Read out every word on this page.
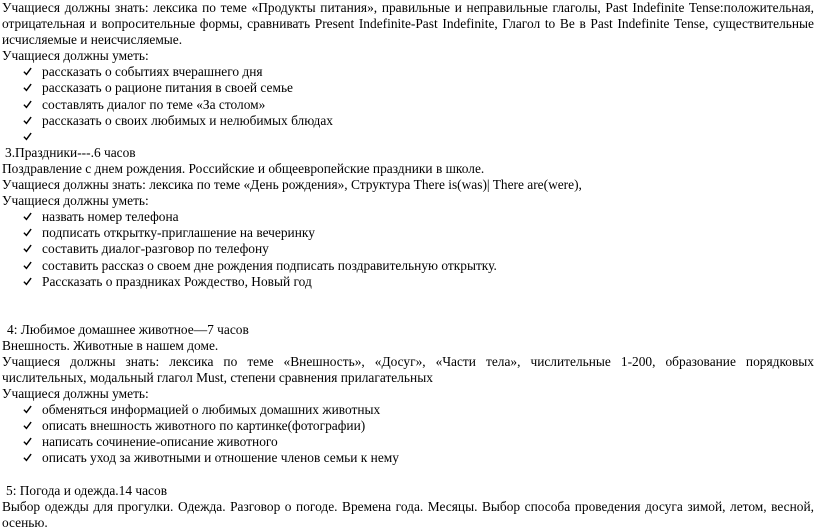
Учащиеся должны знать: лексика по теме «Продукты питания», правильные и неправильные глаголы, Past Indefinite Tense:положительная, отрицательная и вопросительные формы, сравнивать Present Indefinite-Past Indefinite, Глагол to Be в Past Indefinite Tense, существительные исчисляемые и неисчисляемые.

Учащиеся должны уметь:

рассказать о событиях вчерашнего дня
рассказать о рационе питания в своей семье
составлять диалог по теме «За столом»
рассказать о своих любимых и нелюбимых блюдах

3.Праздники---.6 часов

Поздравление с днем рождения. Российские и общеевропейские праздники в школе.

Учащиеся должны знать: лексика по теме «День рождения», Структура There is(was)| There are(were),

Учащиеся должны уметь:

назвать номер телефона
подписать открытку-приглашение на вечеринку
составить диалог-разговор по телефону
составить рассказ о своем дне рождения подписать поздравительную открытку.
Рассказать о праздниках Рождество, Новый год

4: Любимое домашнее животное—7 часов

Внешность. Животные в нашем доме.

Учащиеся должны знать: лексика по теме «Внешность», «Досуг», «Части тела», числительные 1-200, образование порядковых числительных, модальный глагол Must, степени сравнения прилагательных

Учащиеся должны уметь:

обменяться информацией о любимых домашних животных
описать внешность животного по картинке(фотографии)
написать сочинение-описание животного
описать уход за животными и отношение членов семьи к нему

5: Погода и одежда.14 часов

Выбор одежды для прогулки. Одежда. Разговор о погоде. Времена года. Месяцы. Выбор способа проведения досуга зимой, летом, весной, осенью.
